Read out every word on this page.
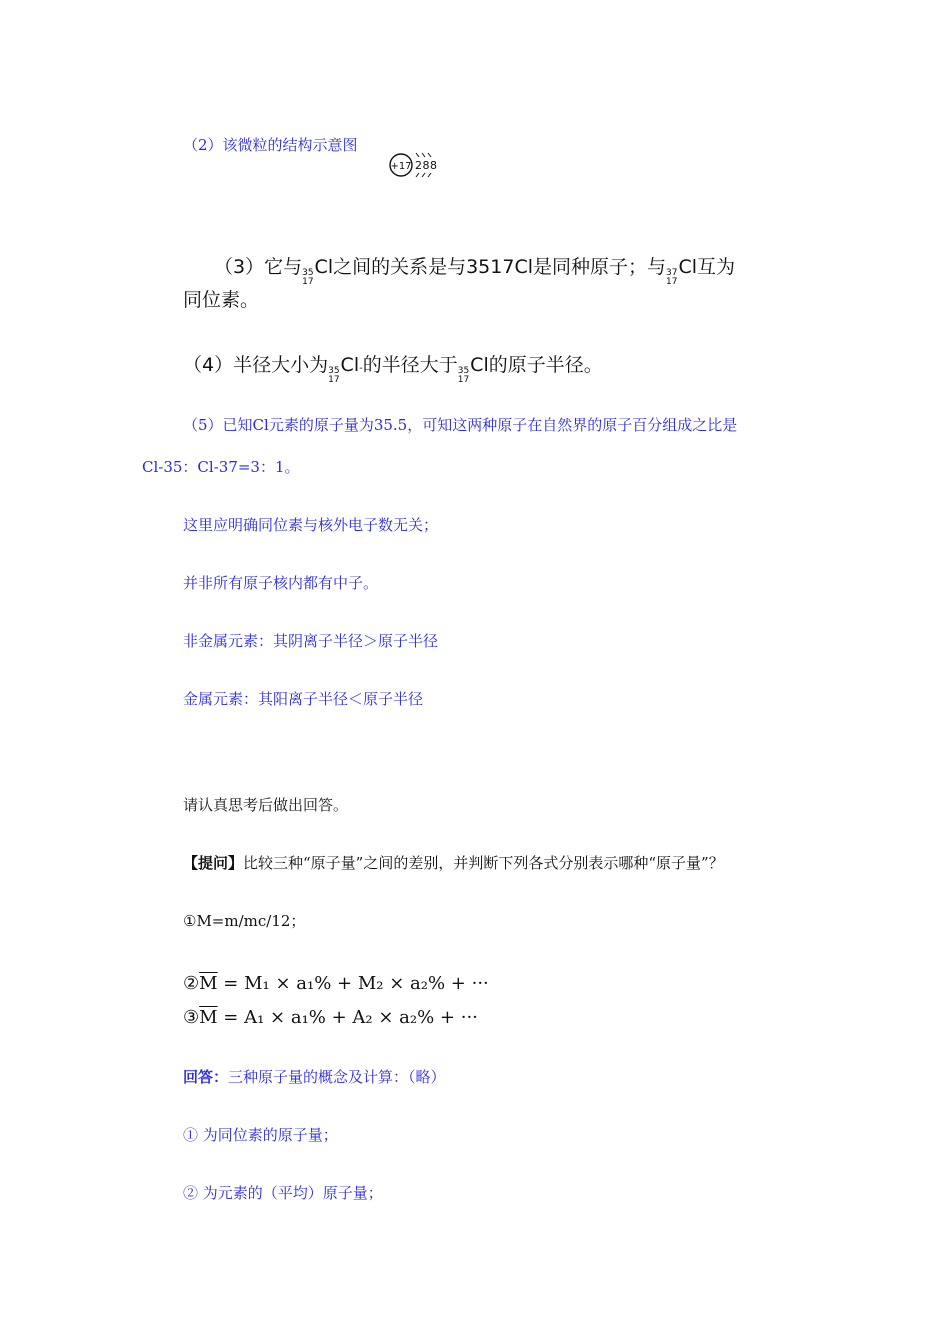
（2）该微粒的结构示意图
+17 288
（3）它与 35
17
Cl 之间的关系是与3517Cl是同种原子；与 37
17
Cl 互为
同位素。
（4）半径大小为 35
17
Cl - 的半径大于 35
17
Cl 的原子半径。
（5）已知Cl元素的原子量为35.5，可知这两种原子在自然界的原子百分组成之比是
Cl-35：Cl-37=3：1。
这里应明确同位素与核外电子数无关；
并非所有原子核内都有中子。
非金属元素：其阴离子半径＞原子半径
金属元素：其阳离子半径＜原子半径
请认真思考后做出回答。
【提问】比较三种“原子量”之间的差别，并判断下列各式分别表示哪种“原子量”？
①M=m/mc/12；
$②\overline{M} = M_1 \times a_1\% + M_2 \times a_2\%$ + ···
$③\overline{M} = A_1 \times a_1\% + A_2 \times a_2\%$ + ···
回答：三种原子量的概念及计算：（略）
① 为同位素的原子量；
② 为元素的（平均）原子量；
